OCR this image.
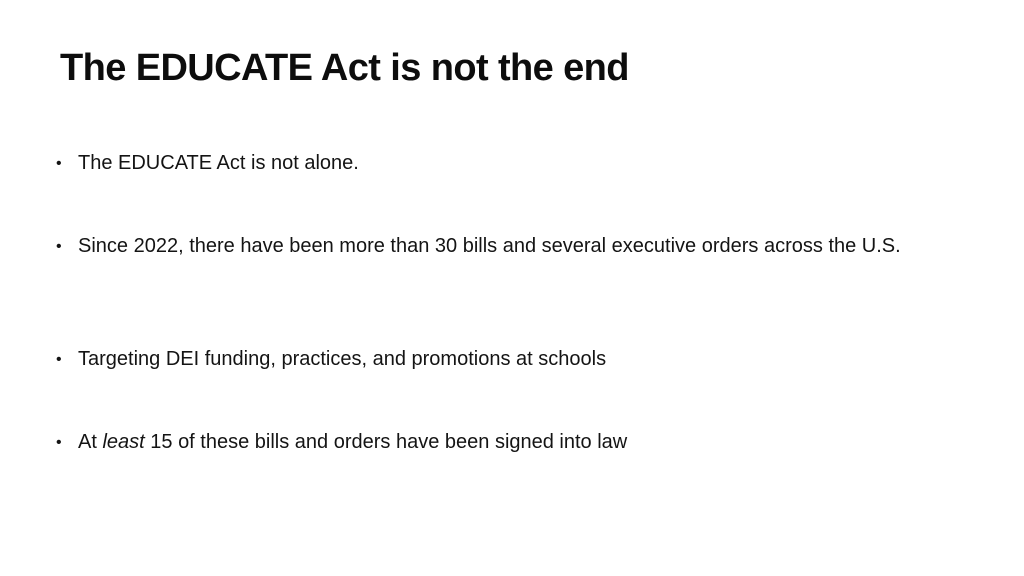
The EDUCATE Act is not the end
• The EDUCATE Act is not alone.
• Since 2022, there have been more than 30 bills and several executive orders across the U.S.
• Targeting DEI funding, practices, and promotions at schools
• At least 15 of these bills and orders have been signed into law
